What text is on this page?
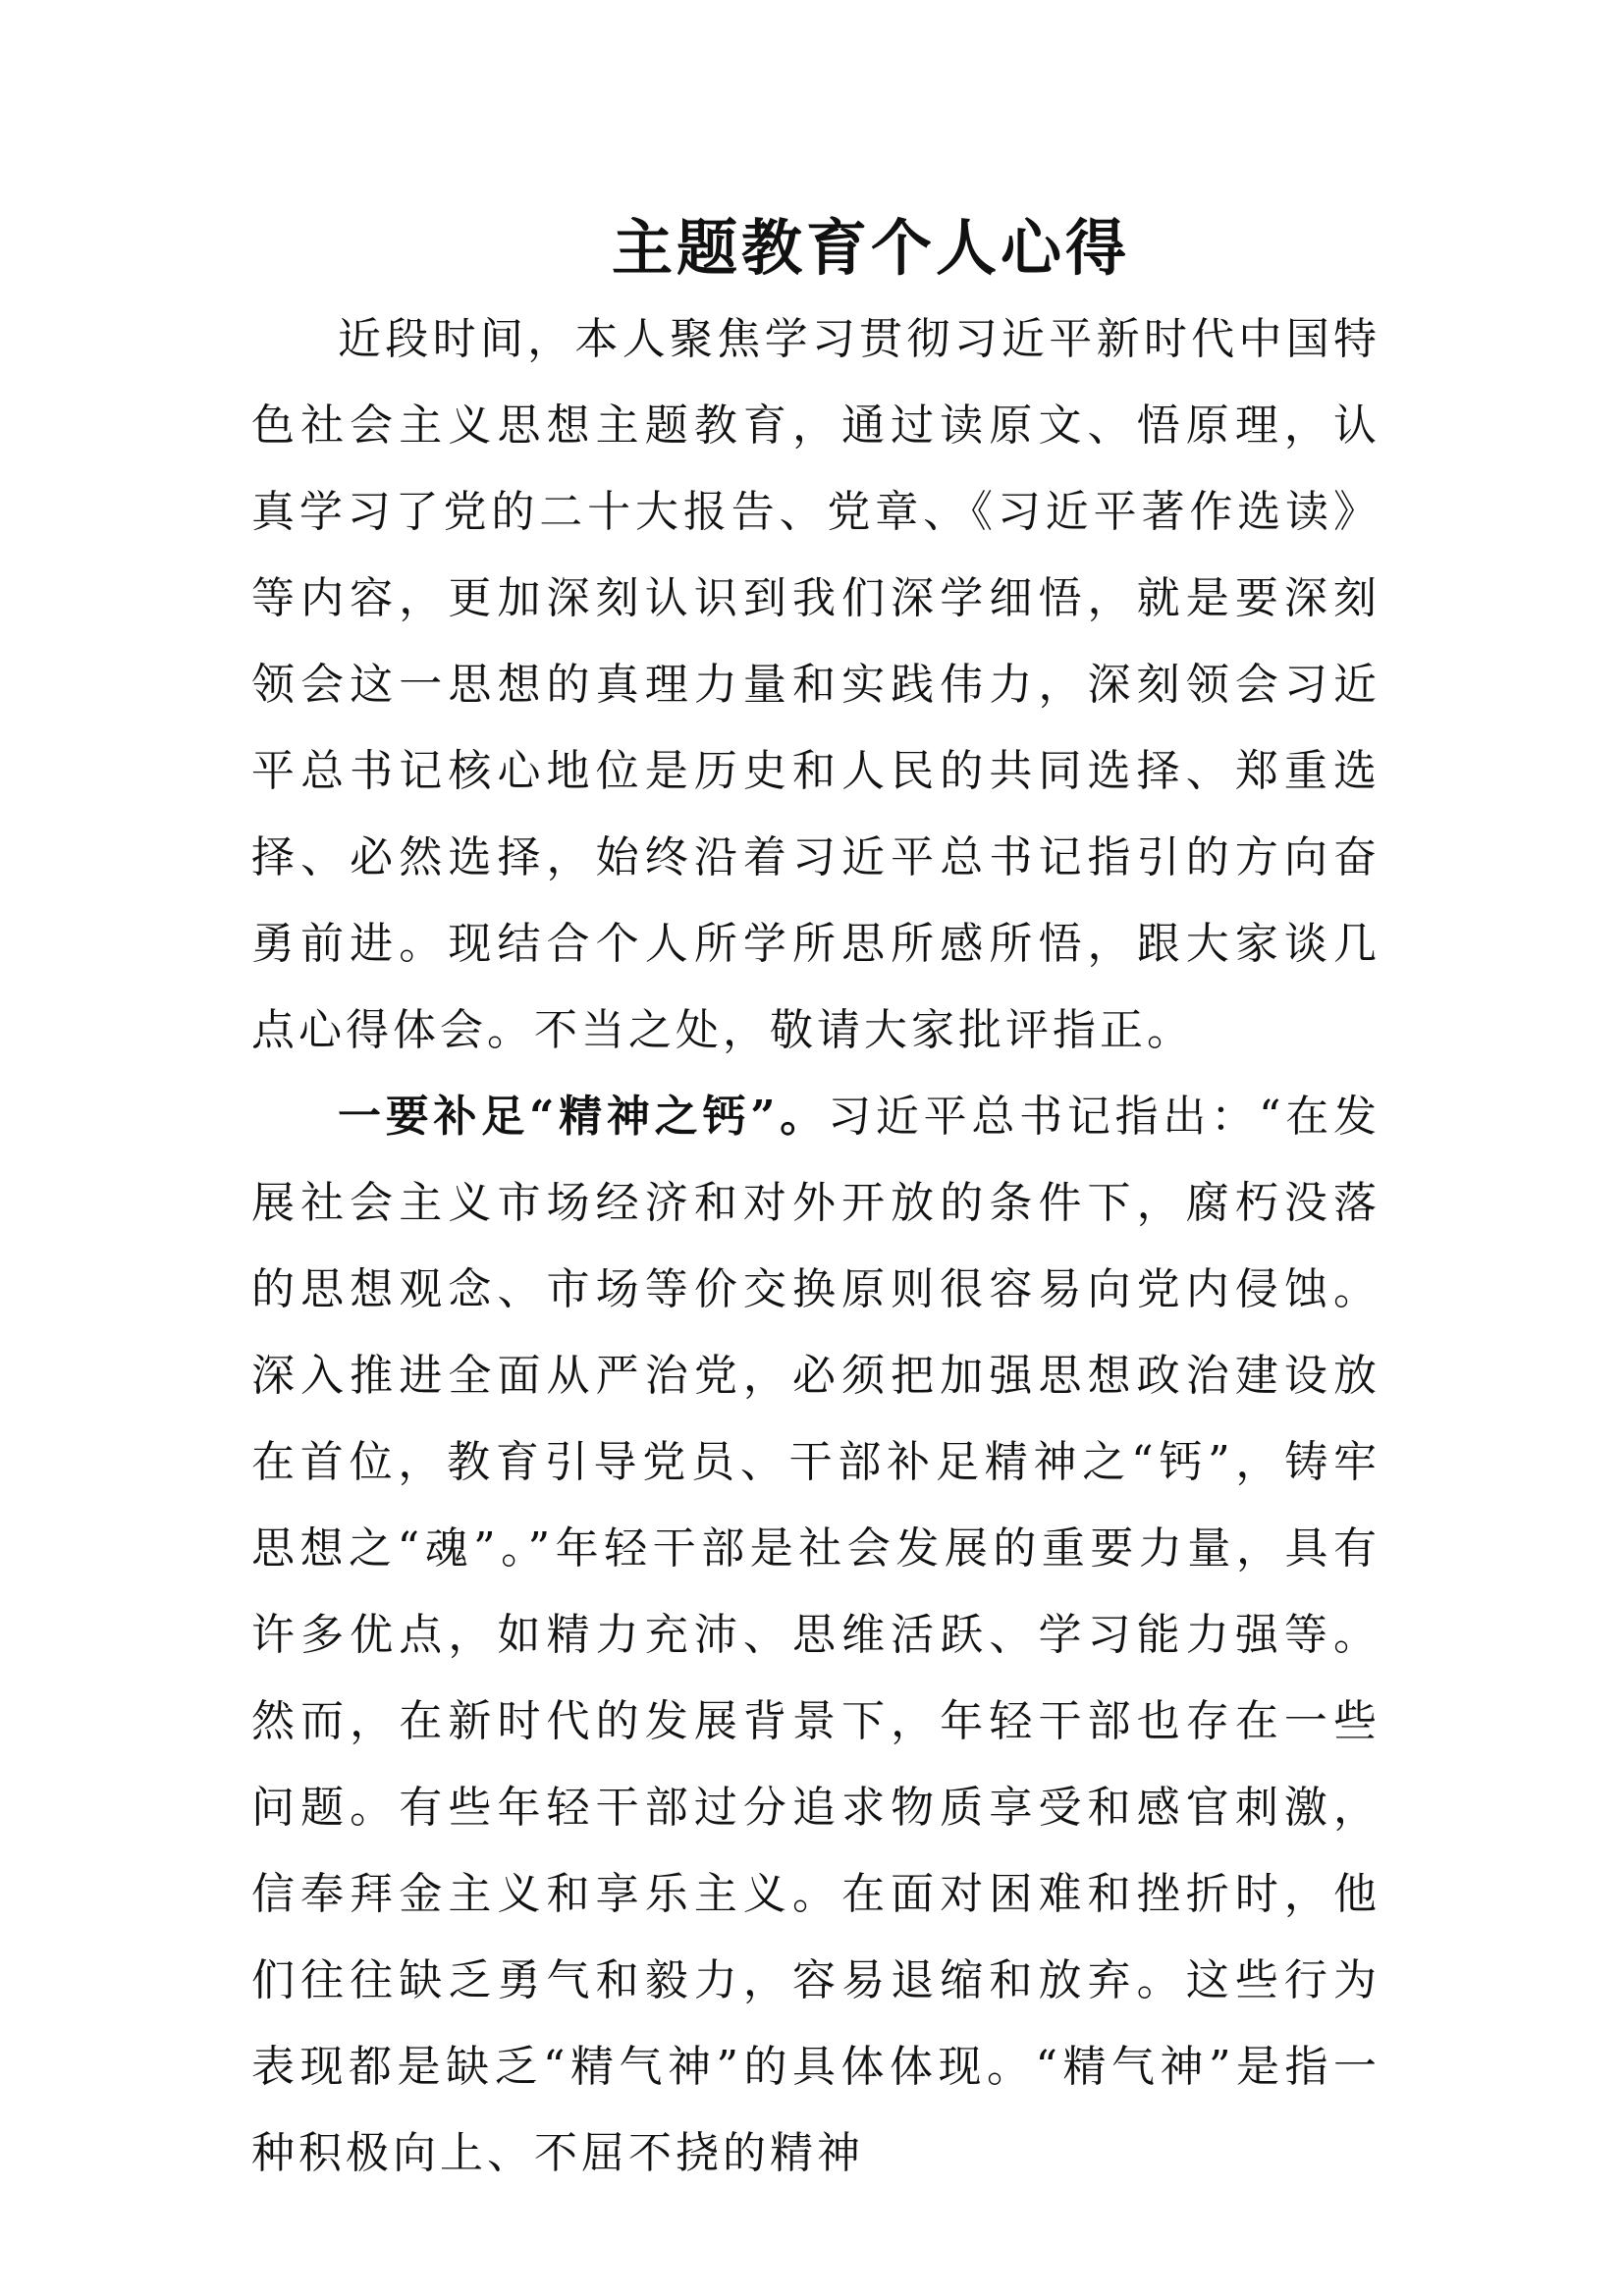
主题教育个人心得

近段时间，本人聚焦学习贯彻习近平新时代中国特色社会主义思想主题教育，通过读原文、悟原理，认真学习了党的二十大报告、党章、《习近平著作选读》等内容，更加深刻认识到我们深学细悟，就是要深刻领会这一思想的真理力量和实践伟力，深刻领会习近平总书记核心地位是历史和人民的共同选择、郑重选择、必然选择，始终沿着习近平总书记指引的方向奋勇前进。现结合个人所学所思所感所悟，跟大家谈几点心得体会。不当之处，敬请大家批评指正。

一要补足“精神之钙”。习近平总书记指出：“在发展社会主义市场经济和对外开放的条件下，腐朽没落的思想观念、市场等价交换原则很容易向党内侵蚀。深入推进全面从严治党，必须把加强思想政治建设放在首位，教育引导党员、干部补足精神之“钙”，铸牢思想之“魂”。”年轻干部是社会发展的重要力量，具有许多优点，如精力充沛、思维活跃、学习能力强等。然而，在新时代的发展背景下，年轻干部也存在一些问题。有些年轻干部过分追求物质享受和感官刺激，信奉拜金主义和享乐主义。在面对困难和挫折时，他们往往缺乏勇气和毅力，容易退缩和放弃。这些行为表现都是缺乏“精气神”的具体体现。“精气神”是指一种积极向上、不屈不挠的精神
